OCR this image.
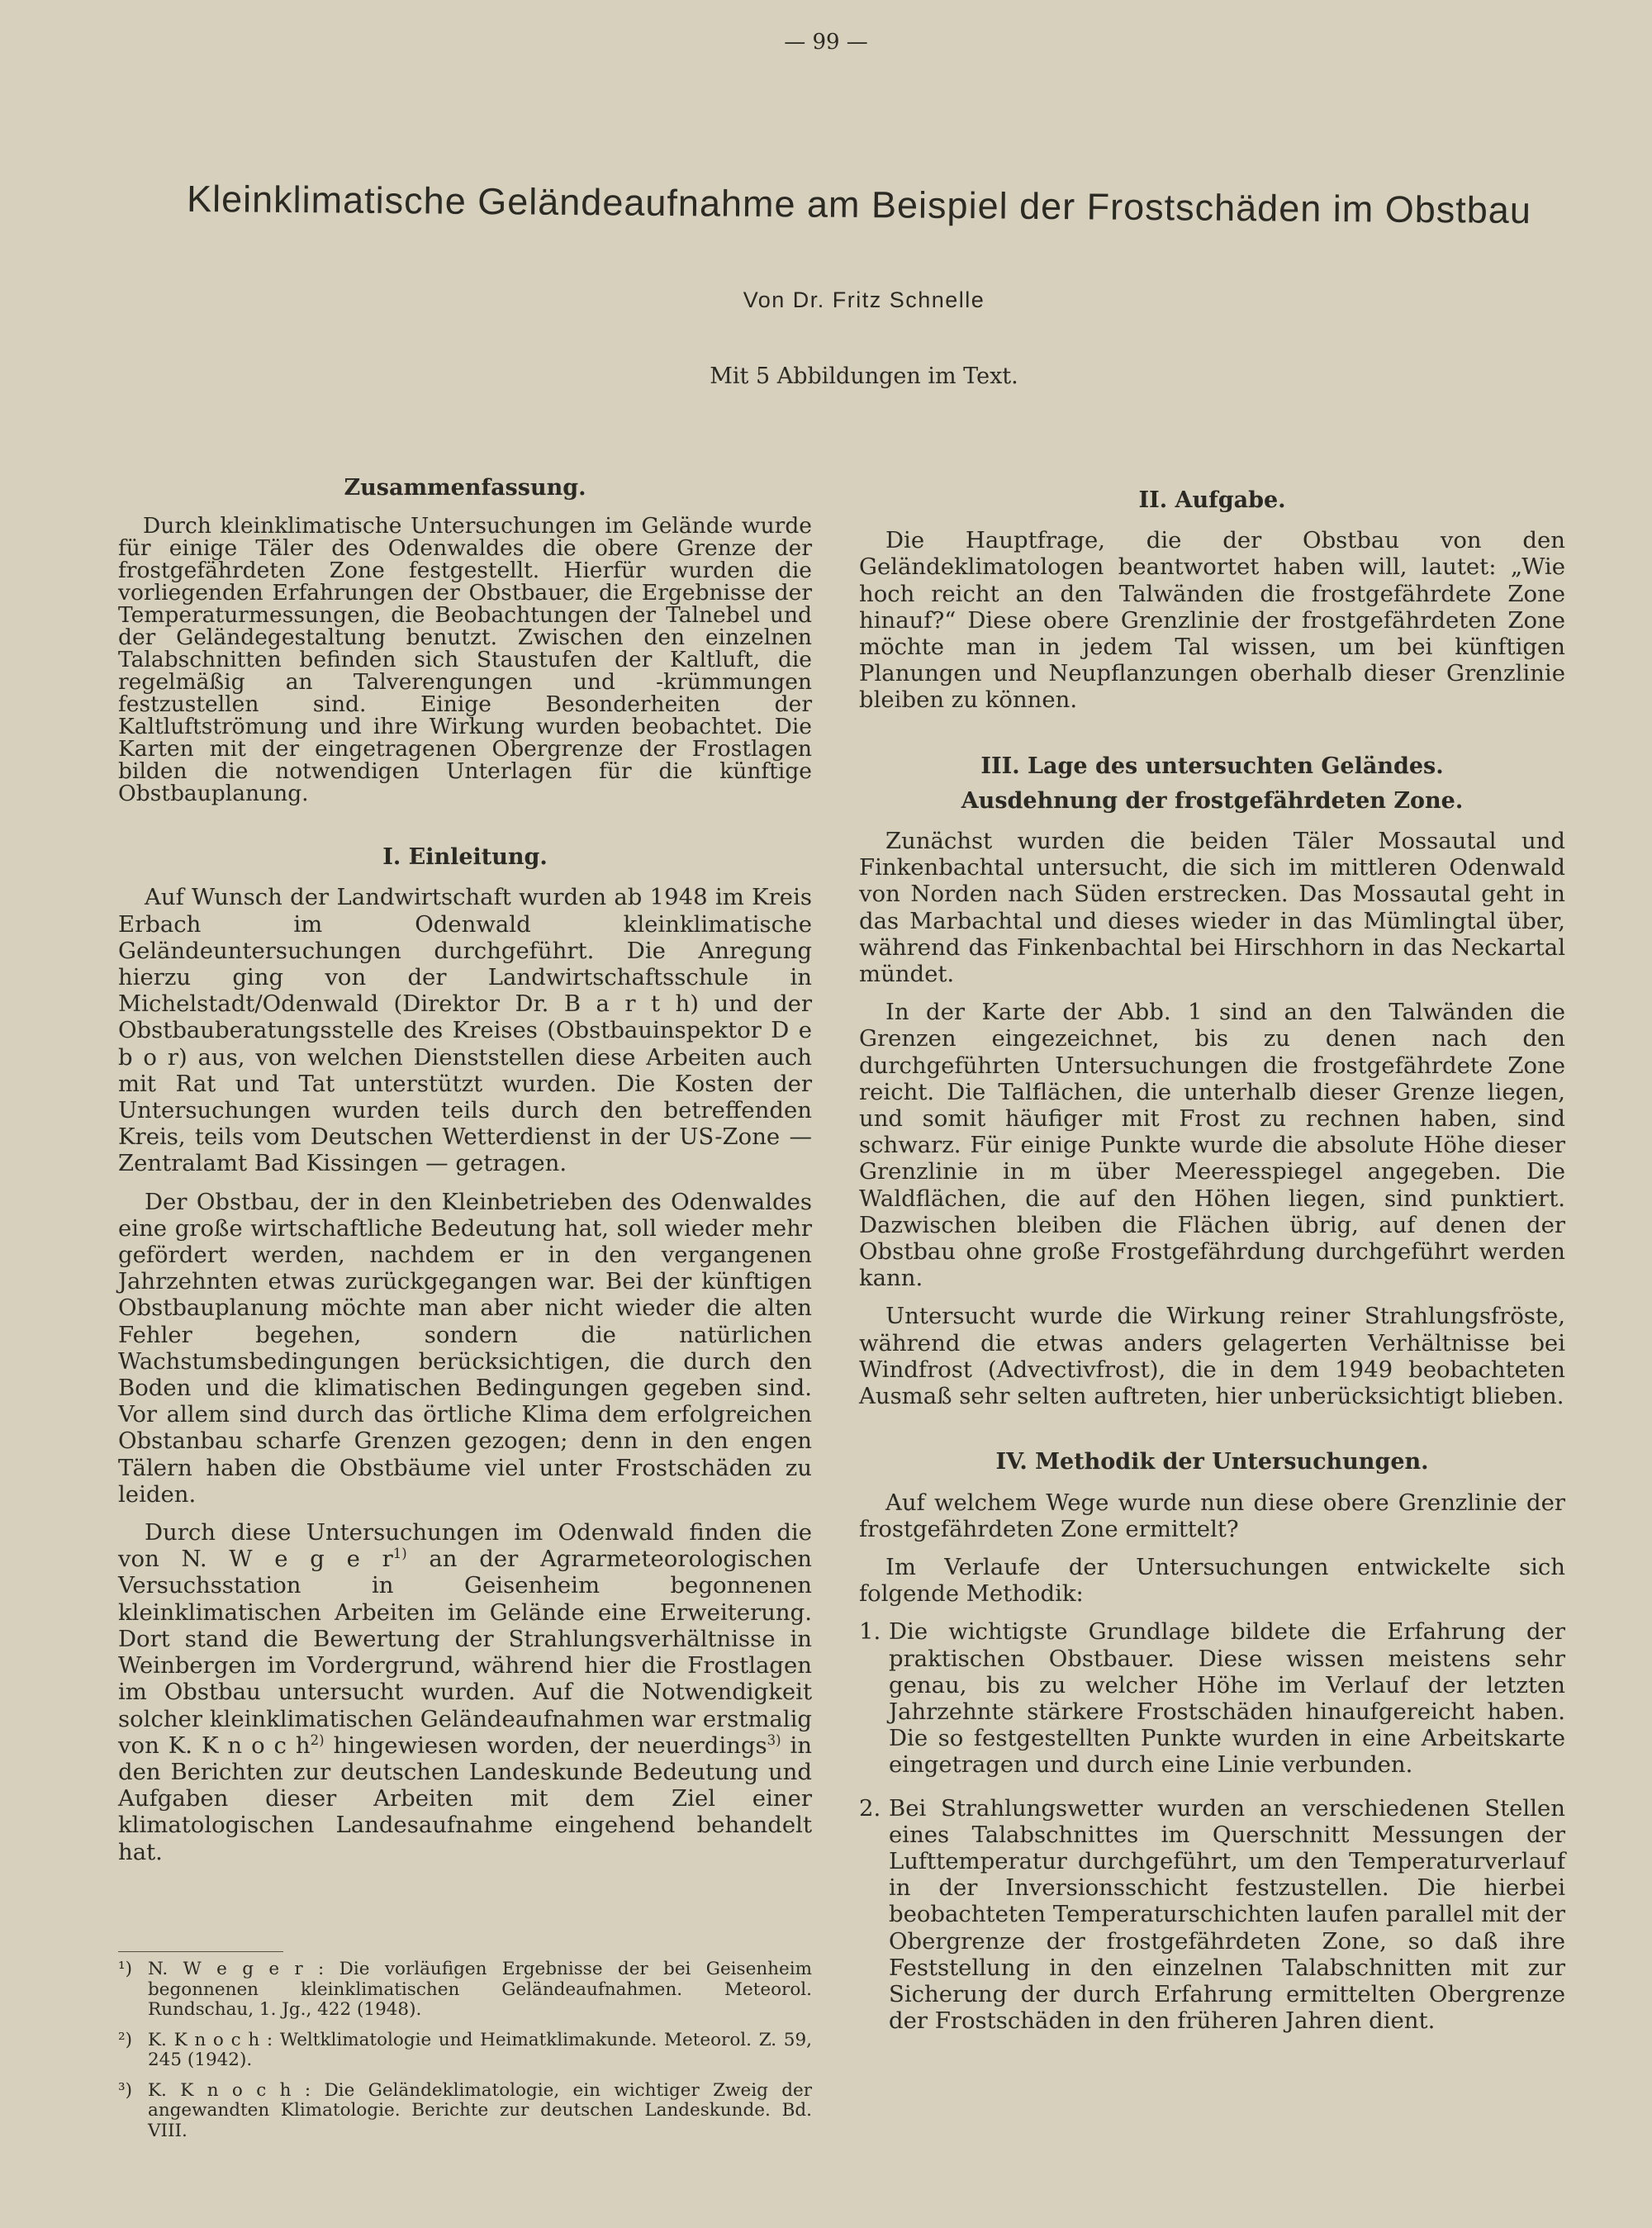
— 99 —
Kleinklimatische Geländeaufnahme am Beispiel der Frostschäden im Obstbau
Von Dr. Fritz Schnelle
Mit 5 Abbildungen im Text.
Zusammenfassung.

Durch kleinklimatische Untersuchungen im Gelände wurde für einige Täler des Odenwaldes die obere Grenze der frostgefährdeten Zone festgestellt. Hierfür wurden die vorliegenden Erfahrungen der Obstbauer, die Ergebnisse der Temperaturmessungen, die Beobachtungen der Talnebel und der Geländegestaltung benutzt. Zwischen den einzelnen Talabschnitten befinden sich Staustufen der Kaltluft, die regelmäßig an Talverengungen und -krümmungen festzustellen sind. Einige Besonderheiten der Kaltluftströmung und ihre Wirkung wurden beobachtet. Die Karten mit der eingetragenen Obergrenze der Frostlagen bilden die notwendigen Unterlagen für die künftige Obstbauplanung.

I. Einleitung.

Auf Wunsch der Landwirtschaft wurden ab 1948 im Kreis Erbach im Odenwald kleinklimatische Geländeuntersuchungen durchgeführt. Die Anregung hierzu ging von der Landwirtschaftsschule in Michelstadt/Odenwald (Direktor Dr. B a r t h) und der Obstbauberatungsstelle des Kreises (Obstbauinspektor D e b o r) aus, von welchen Dienststellen diese Arbeiten auch mit Rat und Tat unterstützt wurden. Die Kosten der Untersuchungen wurden teils durch den betreffenden Kreis, teils vom Deutschen Wetterdienst in der US-Zone — Zentralamt Bad Kissingen — getragen.

Der Obstbau, der in den Kleinbetrieben des Odenwaldes eine große wirtschaftliche Bedeutung hat, soll wieder mehr gefördert werden, nachdem er in den vergangenen Jahrzehnten etwas zurückgegangen war. Bei der künftigen Obstbauplanung möchte man aber nicht wieder die alten Fehler begehen, sondern die natürlichen Wachstumsbedingungen berücksichtigen, die durch den Boden und die klimatischen Bedingungen gegeben sind. Vor allem sind durch das örtliche Klima dem erfolgreichen Obstanbau scharfe Grenzen gezogen; denn in den engen Tälern haben die Obstbäume viel unter Frostschäden zu leiden.

Durch diese Untersuchungen im Odenwald finden die von N. W e g e $r^{1)}$ an der Agrarmeteorologischen Versuchsstation in Geisenheim begonnenen kleinklimatischen Arbeiten im Gelände eine Erweiterung. Dort stand die Bewertung der Strahlungsverhältnisse in Weinbergen im Vordergrund, während hier die Frostlagen im Obstbau untersucht wurden. Auf die Notwendigkeit solcher kleinklimatischen Geländeaufnahmen war erstmalig von K. K n o c $h^{2)}$ hingewiesen worden, der neuerdings$^{3)}$ in den Berichten zur deutschen Landeskunde Bedeutung und Aufgaben dieser Arbeiten mit dem Ziel einer klimatologischen Landesaufnahme eingehend behandelt hat.

¹) N. W e g e r : Die vorläufigen Ergebnisse der bei Geisenheim begonnenen kleinklimatischen Geländeaufnahmen. Meteorol. Rundschau, 1. Jg., 422 (1948).
²) K. K n o c h : Weltklimatologie und Heimatklimakunde. Meteorol. Z. 59, 245 (1942).
³) K. K n o c h : Die Geländeklimatologie, ein wichtiger Zweig der angewandten Klimatologie. Berichte zur deutschen Landeskunde. Bd. VIII.
II. Aufgabe.

Die Hauptfrage, die der Obstbau von den Geländeklimatologen beantwortet haben will, lautet: „Wie hoch reicht an den Talwänden die frostgefährdete Zone hinauf?“ Diese obere Grenzlinie der frostgefährdeten Zone möchte man in jedem Tal wissen, um bei künftigen Planungen und Neupflanzungen oberhalb dieser Grenzlinie bleiben zu können.

III. Lage des untersuchten Geländes.
Ausdehnung der frostgefährdeten Zone.

Zunächst wurden die beiden Täler Mossautal und Finkenbachtal untersucht, die sich im mittleren Odenwald von Norden nach Süden erstrecken. Das Mossautal geht in das Marbachtal und dieses wieder in das Mümlingtal über, während das Finkenbachtal bei Hirschhorn in das Neckartal mündet.

In der Karte der Abb. 1 sind an den Talwänden die Grenzen eingezeichnet, bis zu denen nach den durchgeführten Untersuchungen die frostgefährdete Zone reicht. Die Talflächen, die unterhalb dieser Grenze liegen, und somit häufiger mit Frost zu rechnen haben, sind schwarz. Für einige Punkte wurde die absolute Höhe dieser Grenzlinie in m über Meeresspiegel angegeben. Die Waldflächen, die auf den Höhen liegen, sind punktiert. Dazwischen bleiben die Flächen übrig, auf denen der Obstbau ohne große Frostgefährdung durchgeführt werden kann.

Untersucht wurde die Wirkung reiner Strahlungsfröste, während die etwas anders gelagerten Verhältnisse bei Windfrost (Advectivfrost), die in dem 1949 beobachteten Ausmaß sehr selten auftreten, hier unberücksichtigt blieben.

IV. Methodik der Untersuchungen.

Auf welchem Wege wurde nun diese obere Grenzlinie der frostgefährdeten Zone ermittelt?

Im Verlaufe der Untersuchungen entwickelte sich folgende Methodik:

1. Die wichtigste Grundlage bildete die Erfahrung der praktischen Obstbauer. Diese wissen meistens sehr genau, bis zu welcher Höhe im Verlauf der letzten Jahrzehnte stärkere Frostschäden hinaufgereicht haben. Die so festgestellten Punkte wurden in eine Arbeitskarte eingetragen und durch eine Linie verbunden.
2. Bei Strahlungswetter wurden an verschiedenen Stellen eines Talabschnittes im Querschnitt Messungen der Lufttemperatur durchgeführt, um den Temperaturverlauf in der Inversionsschicht festzustellen. Die hierbei beobachteten Temperaturschichten laufen parallel mit der Obergrenze der frostgefährdeten Zone, so daß ihre Feststellung in den einzelnen Talabschnitten mit zur Sicherung der durch Erfahrung ermittelten Obergrenze der Frostschäden in den früheren Jahren dient.
